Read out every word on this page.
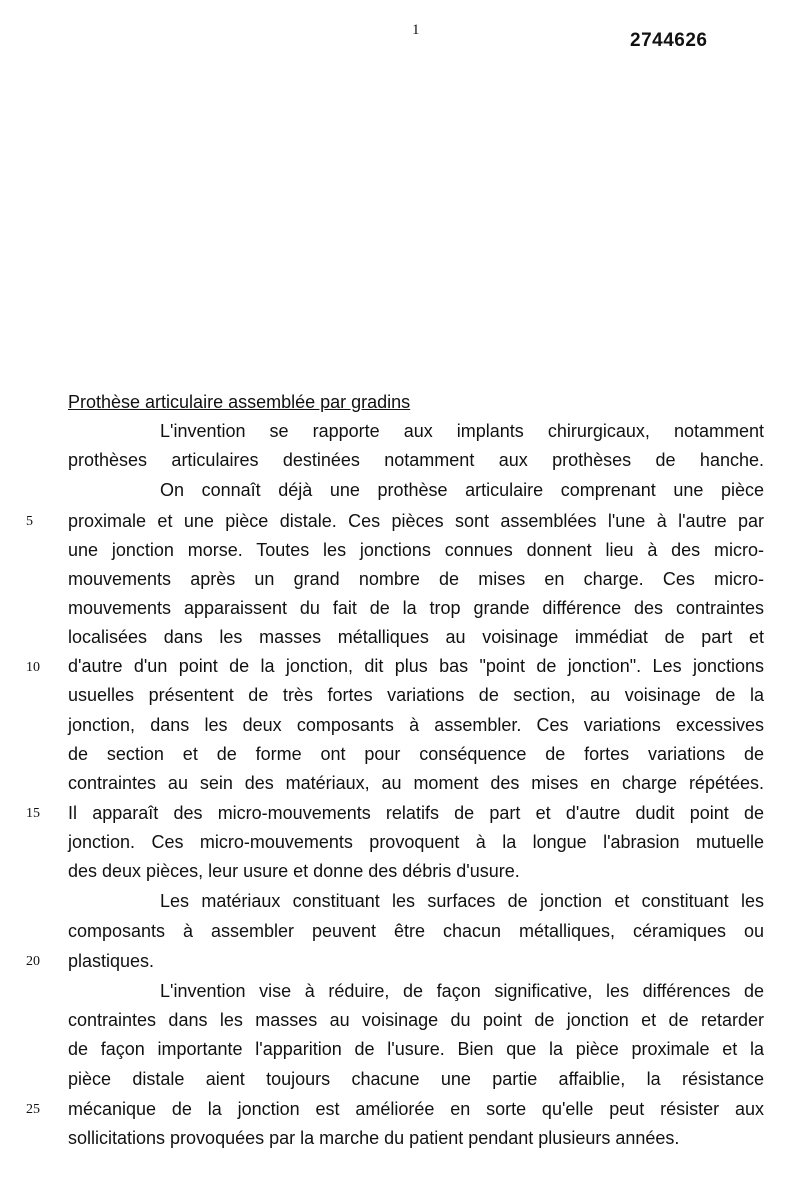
1	2744626
Prothèse articulaire assemblée par gradins
L'invention se rapporte aux implants chirurgicaux, notamment
prothèses articulaires destinées notamment aux prothèses de hanche.
On connaît déjà une prothèse articulaire comprenant une pièce
proximale et une pièce distale. Ces pièces sont assemblées l'une à l'autre par
une jonction morse. Toutes les jonctions connues donnent lieu à des micro-
mouvements après un grand nombre de mises en charge. Ces micro-
mouvements apparaissent du fait de la trop grande différence des contraintes
localisées dans les masses métalliques au voisinage immédiat de part et
d'autre d'un point de la jonction, dit plus bas "point de jonction". Les jonctions
usuelles présentent de très fortes variations de section, au voisinage de la
jonction, dans les deux composants à assembler. Ces variations excessives
de section et de forme ont pour conséquence de fortes variations de
contraintes au sein des matériaux, au moment des mises en charge répétées.
Il apparaît des micro-mouvements relatifs de part et d'autre dudit point de
jonction. Ces micro-mouvements provoquent à la longue l'abrasion mutuelle
des deux pièces, leur usure et donne des débris d'usure.
Les matériaux constituant les surfaces de jonction et constituant les
composants à assembler peuvent être chacun métalliques, céramiques ou
plastiques.
L'invention vise à réduire, de façon significative, les différences de
contraintes dans les masses au voisinage du point de jonction et de retarder
de façon importante l'apparition de l'usure. Bien que la pièce proximale et la
pièce distale aient toujours chacune une partie affaiblie, la résistance
mécanique de la jonction est améliorée en sorte qu'elle peut résister aux
sollicitations provoquées par la marche du patient pendant plusieurs années.
5
10
15
20
25
